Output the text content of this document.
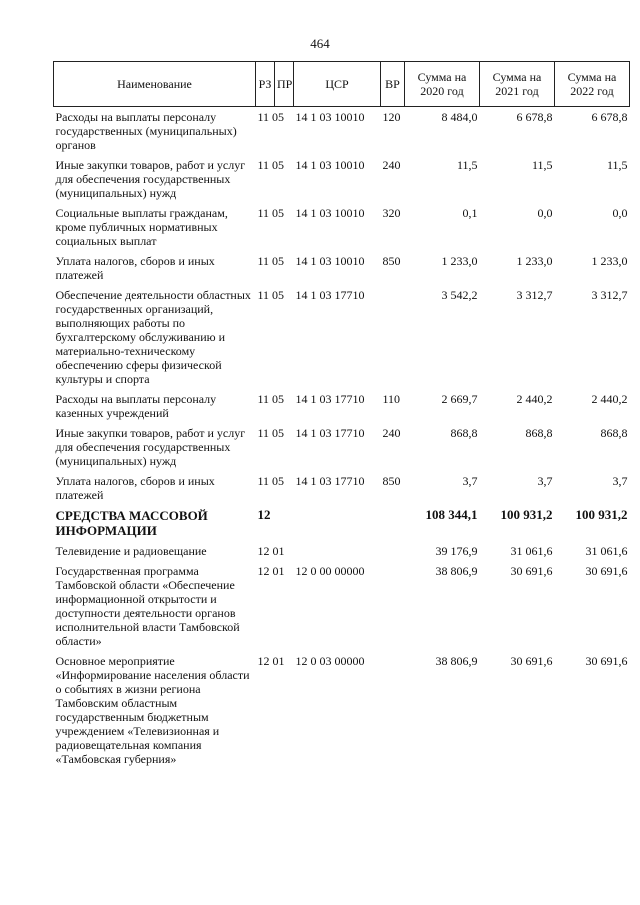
464
Наименование	РЗ	ПР	ЦСР	ВР	Сумма на 2020 год	Сумма на 2021 год	Сумма на 2022 год
Расходы на выплаты персоналу государственных (муниципальных) органов	11 05		14 1 03 10010	120	8 484,0	6 678,8	6 678,8
Иные закупки товаров, работ и услуг для обеспечения государственных (муниципальных) нужд	11 05		14 1 03 10010	240	11,5	11,5	11,5
Социальные выплаты гражданам, кроме публичных нормативных социальных выплат	11 05		14 1 03 10010	320	0,1	0,0	0,0
Уплата налогов, сборов и иных платежей	11 05		14 1 03 10010	850	1 233,0	1 233,0	1 233,0
Обеспечение деятельности областных государственных организаций, выполняющих работы по бухгалтерскому обслуживанию и материально-техническому обеспечению сферы физической культуры и спорта	11 05		14 1 03 17710		3 542,2	3 312,7	3 312,7
Расходы на выплаты персоналу казенных учреждений	11 05		14 1 03 17710	110	2 669,7	2 440,2	2 440,2
Иные закупки товаров, работ и услуг для обеспечения государственных (муниципальных) нужд	11 05		14 1 03 17710	240	868,8	868,8	868,8
Уплата налогов, сборов и иных платежей	11 05		14 1 03 17710	850	3,7	3,7	3,7
СРЕДСТВА МАССОВОЙ ИНФОРМАЦИИ	12				108 344,1	100 931,2	100 931,2
Телевидение и радиовещание	12 01				39 176,9	31 061,6	31 061,6
Государственная программа Тамбовской области «Обеспечение информационной открытости и доступности деятельности органов исполнительной власти Тамбовской области»	12 01		12 0 00 00000		38 806,9	30 691,6	30 691,6
Основное мероприятие «Информирование населения области о событиях в жизни региона Тамбовским областным государственным бюджетным учреждением «Телевизионная и радиовещательная компания «Тамбовская губерния»	12 01		12 0 03 00000		38 806,9	30 691,6	30 691,6
